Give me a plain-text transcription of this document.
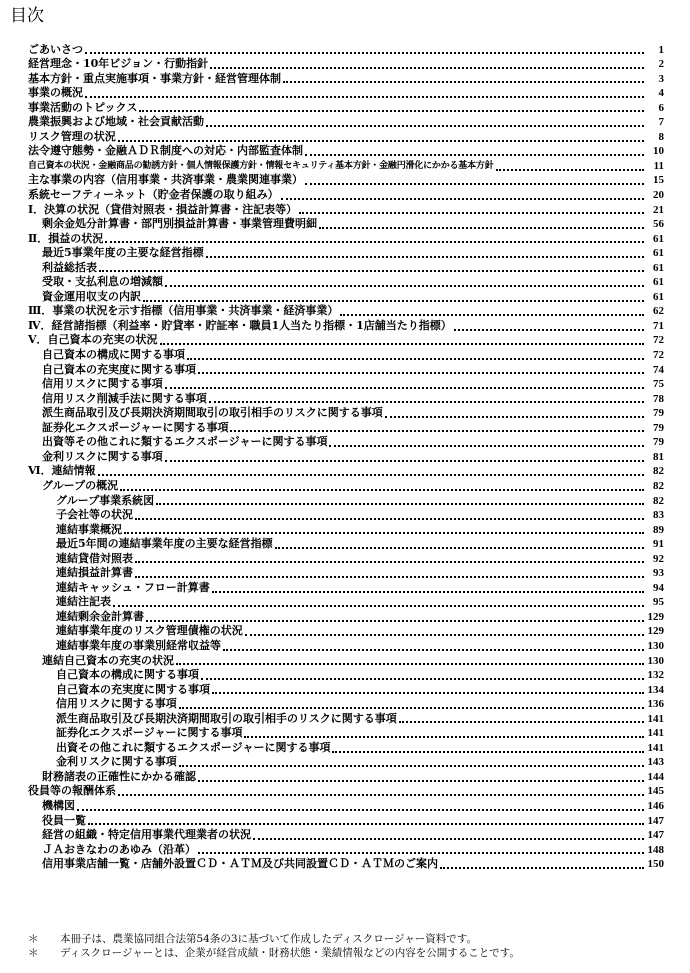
目次
ごあいさつ	1
経営理念・10年ビジョン・行動指針	2
基本方針・重点実施事項・事業方針・経営管理体制	3
事業の概況	4
事業活動のトピックス	6
農業振興および地域・社会貢献活動	7
リスク管理の状況	8
法令遵守態勢・金融ＡＤＲ制度への対応・内部監査体制	10
自己資本の状況・金融商品の勧誘方針・個人情報保護方針・情報セキュリティ基本方針・金融円滑化にかかる基本方針	11
主な事業の内容（信用事業・共済事業・農業関連事業）	15
系統セーフティーネット（貯金者保護の取り組み）	20
Ⅰ．決算の状況（貸借対照表・損益計算書・注記表等）	21
剰余金処分計算書・部門別損益計算書・事業管理費明細	56
Ⅱ．損益の状況	61
最近5事業年度の主要な経営指標	61
利益総括表	61
受取・支払利息の増減額	61
資金運用収支の内訳	61
Ⅲ．事業の状況を示す指標（信用事業・共済事業・経済事業）	62
Ⅳ．経営諸指標（利益率・貯貸率・貯証率・職員1人当たり指標・1店舗当たり指標）	71
Ⅴ．自己資本の充実の状況	72
自己資本の構成に関する事項	72
自己資本の充実度に関する事項	74
信用リスクに関する事項	75
信用リスク削減手法に関する事項	78
派生商品取引及び長期決済期間取引の取引相手のリスクに関する事項	79
証券化エクスポージャーに関する事項	79
出資等その他これに類するエクスポージャーに関する事項	79
金利リスクに関する事項	81
Ⅵ．連結情報	82
グループの概況	82
グループ事業系統図	82
子会社等の状況	83
連結事業概況	89
最近5年間の連結事業年度の主要な経営指標	91
連結貸借対照表	92
連結損益計算書	93
連結キャッシュ・フロー計算書	94
連結注記表	95
連結剰余金計算書	129
連結事業年度のリスク管理債権の状況	129
連結事業年度の事業別経常収益等	130
連結自己資本の充実の状況	130
自己資本の構成に関する事項	132
自己資本の充実度に関する事項	134
信用リスクに関する事項	136
派生商品取引及び長期決済期間取引の取引相手のリスクに関する事項	141
証券化エクスポージャーに関する事項	141
出資その他これに類するエクスポージャーに関する事項	141
金利リスクに関する事項	143
財務諸表の正確性にかかる確認	144
役員等の報酬体系	145
機構図	146
役員一覧	147
経営の組織・特定信用事業代理業者の状況	147
ＪＡおきなわのあゆみ（沿革）	148
信用事業店舗一覧・店舗外設置ＣＤ・ＡＴＭ及び共同設置ＣＤ・ＡＴＭのご案内	150
＊	本冊子は、農業協同組合法第54条の3に基づいて作成したディスクロージャー資料です。
＊	ディスクロージャーとは、企業が経営成績・財務状態・業績情報などの内容を公開することです。
